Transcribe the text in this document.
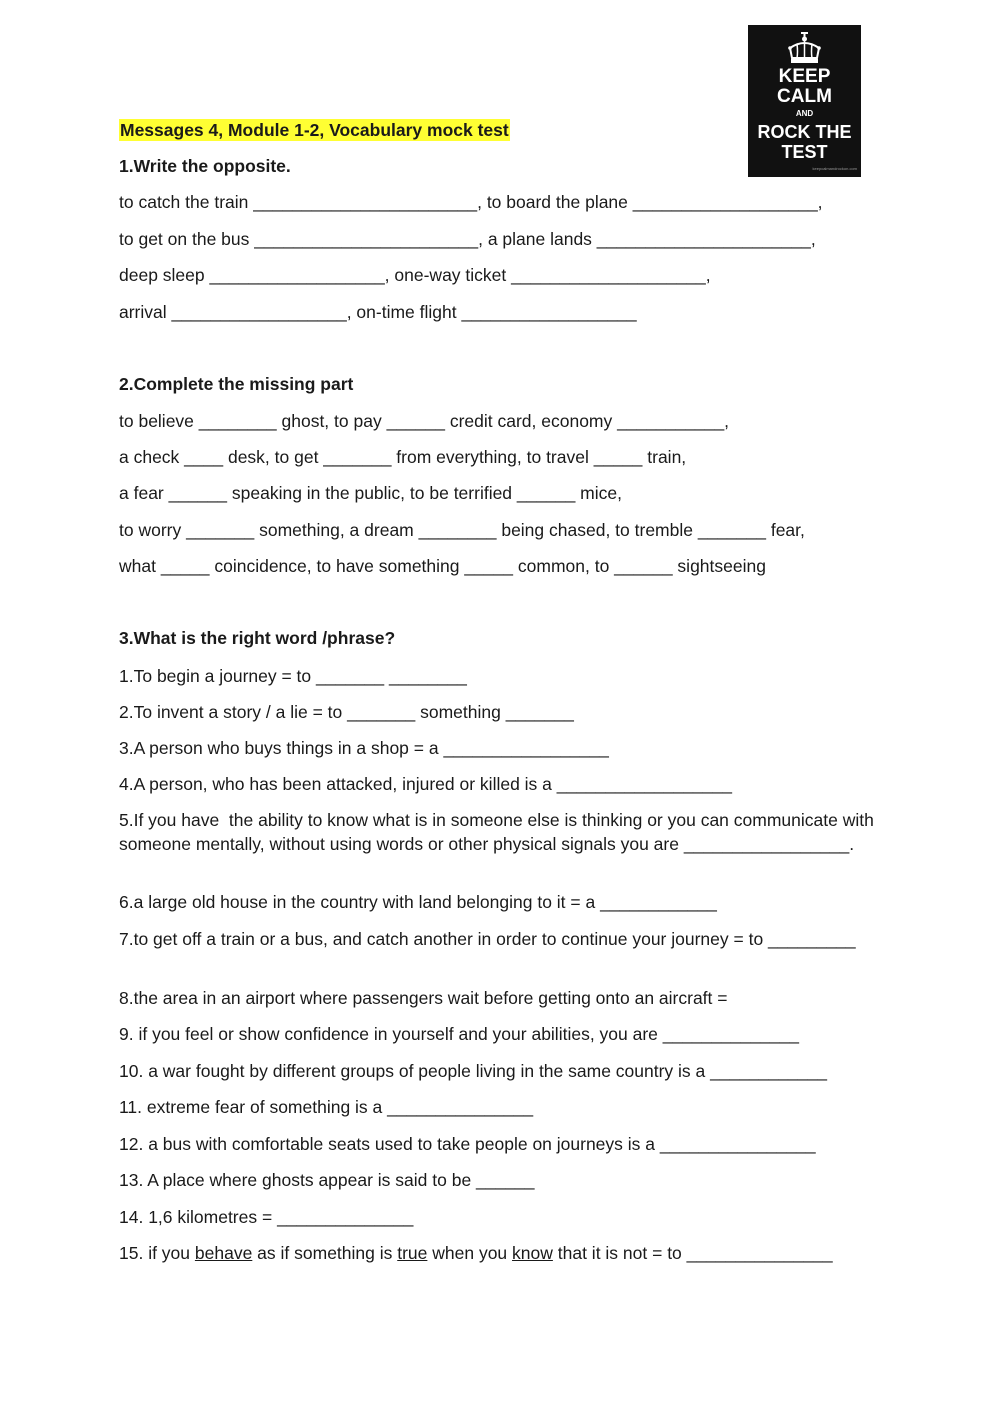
KEEP
CALM
AND
ROCK THE
TEST
keepcalmandrockon.com
Messages 4, Module 1-2, Vocabulary mock test
1.Write the opposite.
to catch the train _______________________, to board the plane ___________________,
to get on the bus _______________________, a plane lands ______________________,
deep sleep __________________, one-way ticket ____________________,
arrival __________________, on-time flight __________________
2.Complete the missing part
to believe ________ ghost, to pay ______ credit card, economy ___________,
a check ____ desk, to get _______ from everything, to travel _____ train,
a fear ______ speaking in the public, to be terrified ______ mice,
to worry _______ something, a dream ________ being chased, to tremble _______ fear,
what _____ coincidence, to have something _____ common, to ______ sightseeing
3.What is the right word /phrase?
1.To begin a journey = to _______ ________
2.To invent a story / a lie = to _______ something _______
3.A person who buys things in a shop = a _________________
4.A person, who has been attacked, injured or killed is a __________________
5.If you have  the ability to know what is in someone else is thinking or you can communicate with someone mentally, without using words or other physical signals you are _________________.
6.a large old house in the country with land belonging to it = a ____________
7.to get off a train or a bus, and catch another in order to continue your journey = to _________
8.the area in an airport where passengers wait before getting onto an aircraft =
9. if you feel or show confidence in yourself and your abilities, you are ______________
10. a war fought by different groups of people living in the same country is a ____________
11. extreme fear of something is a _______________
12. a bus with comfortable seats used to take people on journeys is a ________________
13. A place where ghosts appear is said to be ______
14. 1,6 kilometres = ______________
15. if you behave as if something is true when you know that it is not = to _______________
